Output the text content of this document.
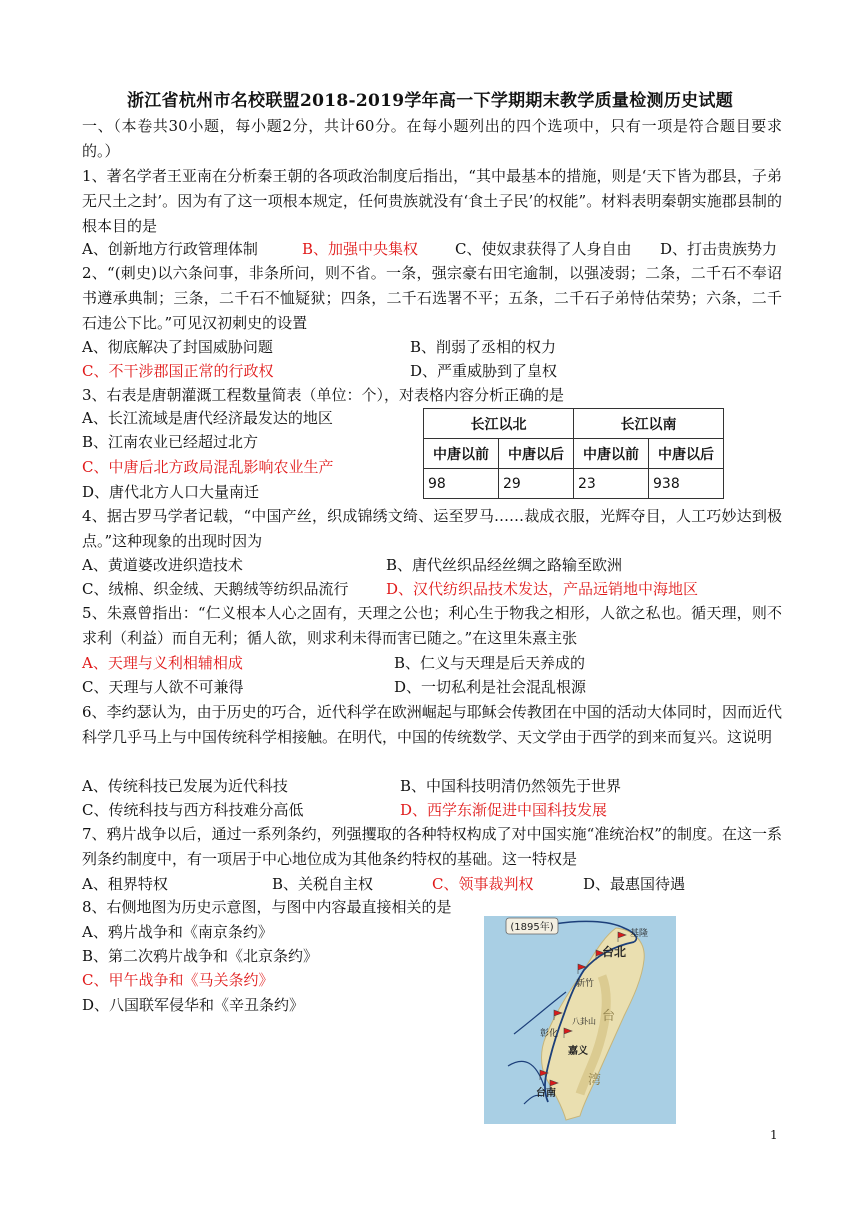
浙江省杭州市名校联盟2018-2019学年高一下学期期末教学质量检测历史试题
一、（本卷共30小题，每小题2分，共计60分。在每小题列出的四个选项中，只有一项是符合题目要求的。）
1、著名学者王亚南在分析秦王朝的各项政治制度后指出，“其中最基本的措施，则是‘天下皆为郡县，子弟无尺土之封’。因为有了这一项根本规定，任何贵族就没有‘食土子民’的权能”。材料表明秦朝实施郡县制的根本目的是
A、创新地方行政管理体制	B、加强中央集权 C、使奴隶获得了人身自由 D、打击贵族势力
2、“(刺史)以六条问事，非条所问，则不省。一条，强宗豪右田宅逾制，以强凌弱；二条，二千石不奉诏书遵承典制；三条，二千石不恤疑狱；四条，二千石选署不平；五条，二千石子弟恃估荣势；六条，二千石违公下比。”可见汉初刺史的设置
A、彻底解决了封国威胁问题	B、削弱了丞相的权力
C、不干涉郡国正常的行政权	D、严重威胁到了皇权
3、右表是唐朝灌溉工程数量简表（单位：个），对表格内容分析正确的是
A、长江流域是唐代经济最发达的地区
B、江南农业已经超过北方
C、中唐后北方政局混乱影响农业生产
D、唐代北方人口大量南迁
长江以北		长江以南	
中唐以前	中唐以后	中唐以前	中唐以后
98	29	23	938
4、据古罗马学者记载，“中国产丝，织成锦绣文绮、运至罗马……裁成衣服，光辉夺目，人工巧妙达到极点。”这种现象的出现时因为
A、黄道婆改进织造技术	B、唐代丝织品经丝绸之路输至欧洲
C、绒棉、织金绒、天鹅绒等纺织品流行	D、汉代纺织品技术发达，产品远销地中海地区
5、朱熹曾指出：“仁义根本人心之固有，天理之公也；利心生于物我之相形，人欲之私也。循天理，则不求利（利益）而自无利；循人欲，则求利未得而害已随之。”在这里朱熹主张
A、天理与义利相辅相成	B、仁义与天理是后天养成的
C、天理与人欲不可兼得	D、一切私利是社会混乱根源
6、李约瑟认为，由于历史的巧合，近代科学在欧洲崛起与耶稣会传教团在中国的活动大体同时，因而近代科学几乎马上与中国传统科学相接触。在明代，中国的传统数学、天文学由于西学的到来而复兴。这说明
A、传统科技已发展为近代科技	B、中国科技明清仍然领先于世界
C、传统科技与西方科技难分高低	D、西学东渐促进中国科技发展
7、鸦片战争以后，通过一系列条约，列强攫取的各种特权构成了对中国实施“准统治权”的制度。在这一系列条约制度中，有一项居于中心地位成为其他条约特权的基础。这一特权是
A、租界特权	B、关税自主权	C、领事裁判权	D、最惠国待遇
8、右侧地图为历史示意图，与图中内容最直接相关的是
A、鸦片战争和《南京条约》
B、第二次鸦片战争和《北京条约》
C、甲午战争和《马关条约》
D、八国联军侵华和《辛丑条约》
(1895年)
基隆
台北
新竹
八卦山
彰化
嘉义
台南
台
湾
1
